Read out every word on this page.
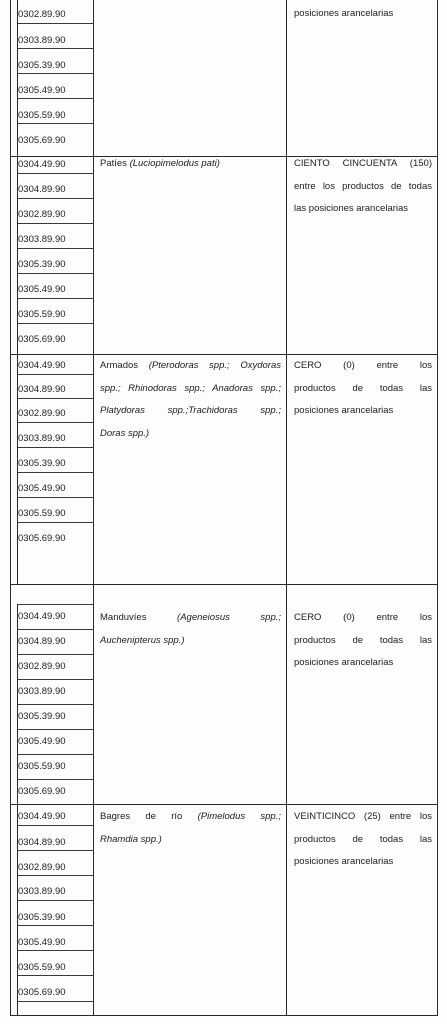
0302.89.90
0303.89.90
0305.39.90
0305.49.90
0305.59.90
0305.69.90
posiciones arancelarias
0304.49.90
0304.89.90
0302.89.90
0303.89.90
0305.39.90
0305.49.90
0305.59.90
0305.69.90
Patíes (Luciopimelodus pati)	CIENTO CINCUENTA (150)
entre los productos de todas
las posiciones arancelarias
0304.49.90
0304.89.90
0302.89.90
0303.89.90
0305.39.90
0305.49.90
0305.59.90
0305.69.90
Armados (Pterodoras spp.; Oxydoras
spp.; Rhinodoras spp.; Anadoras spp.;
Platydoras spp.;Trachidoras spp.;
Doras spp.)
CERO (0) entre los
productos de todas las
posiciones arancelarias
0304.49.90
0304.89.90
0302.89.90
0303.89.90
0305.39.90
0305.49.90
0305.59.90
0305.69.90
Manduvíes	(Ageneiosus spp.;
Auchenipterus spp.)
CERO (0) entre los
productos de todas las
posiciones arancelarias
0304.49.90
0304.89.90
0302.89.90
0303.89.90
0305.39.90
0305.49.90
0305.59.90
0305.69.90
Bagres de río (Pimelodus spp.;
Rhamdia spp.)
VEINTICINCO (25) entre los
productos de todas las
posiciones arancelarias
